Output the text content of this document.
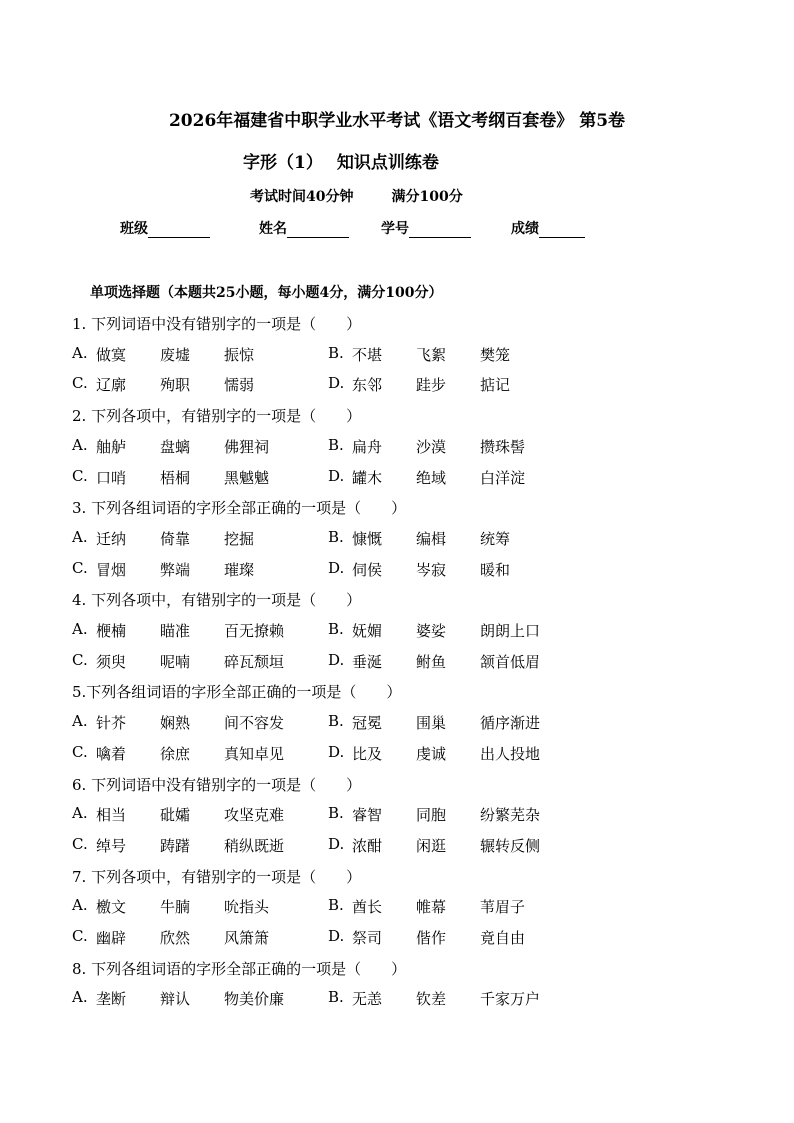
2026年福建省中职学业水平考试《语文考纲百套卷》 第5卷
字形（1） 知识点训练卷
考试时间40分钟	满分100分
班级	姓名	学号	成绩
单项选择题（本题共25小题，每小题4分，满分100分）
1. 下列词语中没有错别字的一项是（　　）
A. 做寞 废墟 振惊	B. 不堪 飞絮 樊笼
C. 辽廓 殉职 懦弱	D. 东邻 跬步 掂记
2. 下列各项中，有错别字的一项是（　　）
A. 舳舻 盘螭 佛狸祠	B. 扁舟 沙漠 攒珠髻
C. 口哨 梧桐 黑魆魆	D. 罐木 绝域 白洋淀
3. 下列各组词语的字形全部正确的一项是（　　）
A. 迁纳 倚靠 挖掘	B. 慷慨 编楫 统筹
C. 冒烟 弊端 璀璨	D. 伺侯 岑寂 暖和
4. 下列各项中，有错别字的一项是（　　）
A. 楩楠 瞄准 百无撩赖	B. 妩媚 婆娑 朗朗上口
C. 须臾 呢喃 碎瓦颓垣	D. 垂涎 鲋鱼 颔首低眉
5.下列各组词语的字形全部正确的一项是（　　）
A. 针芥 娴熟 间不容发	B. 冠冕 围巢 循序渐进
C. 噙着 徐庶 真知卓见	D. 比及 虔诚 出人投地
6. 下列词语中没有错别字的一项是（　　）
A. 相当 砒孀 攻坚克难	B. 睿智 同胞 纷繁芜杂
C. 绰号 踌躇 稍纵既逝	D. 浓酣 闲逛 辗转反侧
7. 下列各项中，有错别字的一项是（　　）
A. 檄文 牛腩 吮指头	B. 酋长 帷幕 苇眉子
C. 幽辟 欣然 风箫箫	D. 祭司 偕作 竟自由
8. 下列各组词语的字形全部正确的一项是（　　）
A. 垄断 辩认 物美价廉	B. 无恙 钦差 千家万户
